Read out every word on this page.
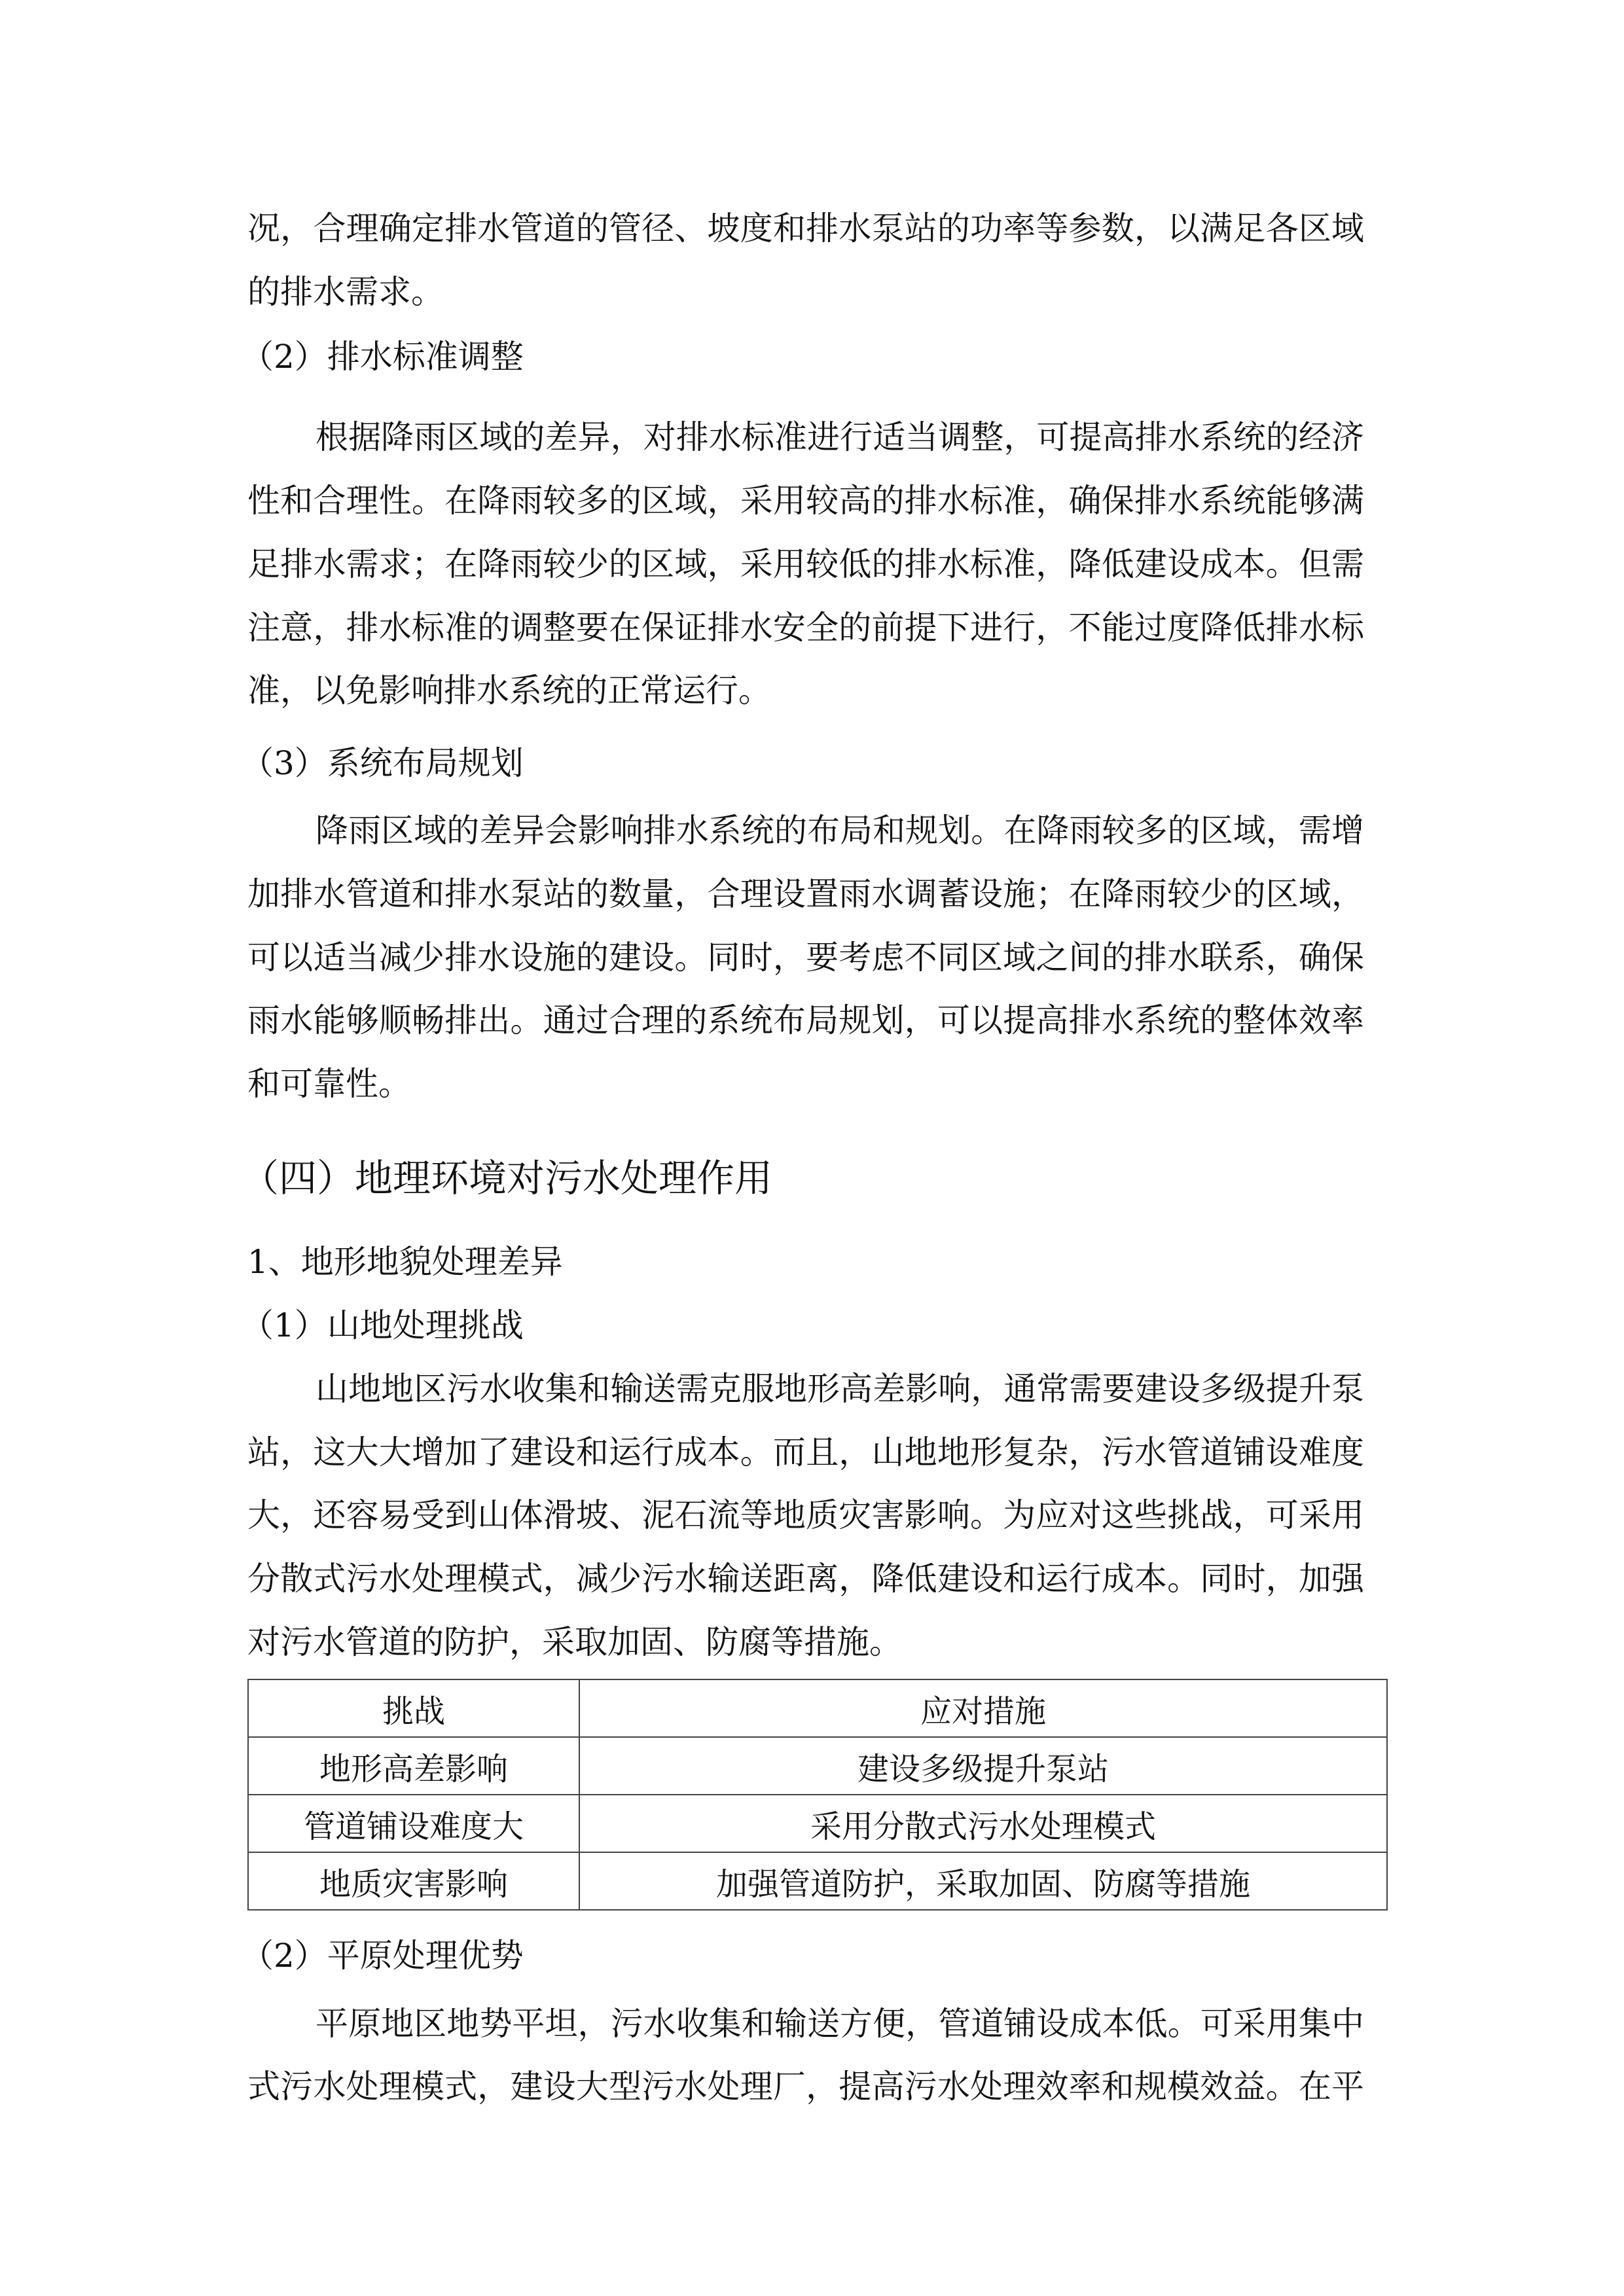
况，合理确定排水管道的管径、坡度和排水泵站的功率等参数，以满足各区域
的排水需求。
（2）排水标准调整
根据降雨区域的差异，对排水标准进行适当调整，可提高排水系统的经济
性和合理性。在降雨较多的区域，采用较高的排水标准，确保排水系统能够满
足排水需求；在降雨较少的区域，采用较低的排水标准，降低建设成本。但需
注意，排水标准的调整要在保证排水安全的前提下进行，不能过度降低排水标
准，以免影响排水系统的正常运行。
（3）系统布局规划
降雨区域的差异会影响排水系统的布局和规划。在降雨较多的区域，需增
加排水管道和排水泵站的数量，合理设置雨水调蓄设施；在降雨较少的区域，
可以适当减少排水设施的建设。同时，要考虑不同区域之间的排水联系，确保
雨水能够顺畅排出。通过合理的系统布局规划，可以提高排水系统的整体效率
和可靠性。
（四）地理环境对污水处理作用
1、地形地貌处理差异
（1）山地处理挑战
山地地区污水收集和输送需克服地形高差影响，通常需要建设多级提升泵
站，这大大增加了建设和运行成本。而且，山地地形复杂，污水管道铺设难度
大，还容易受到山体滑坡、泥石流等地质灾害影响。为应对这些挑战，可采用
分散式污水处理模式，减少污水输送距离，降低建设和运行成本。同时，加强
对污水管道的防护，采取加固、防腐等措施。
挑战	应对措施
地形高差影响	建设多级提升泵站
管道铺设难度大	采用分散式污水处理模式
地质灾害影响	加强管道防护，采取加固、防腐等措施
（2）平原处理优势
平原地区地势平坦，污水收集和输送方便，管道铺设成本低。可采用集中
式污水处理模式，建设大型污水处理厂，提高污水处理效率和规模效益。在平
